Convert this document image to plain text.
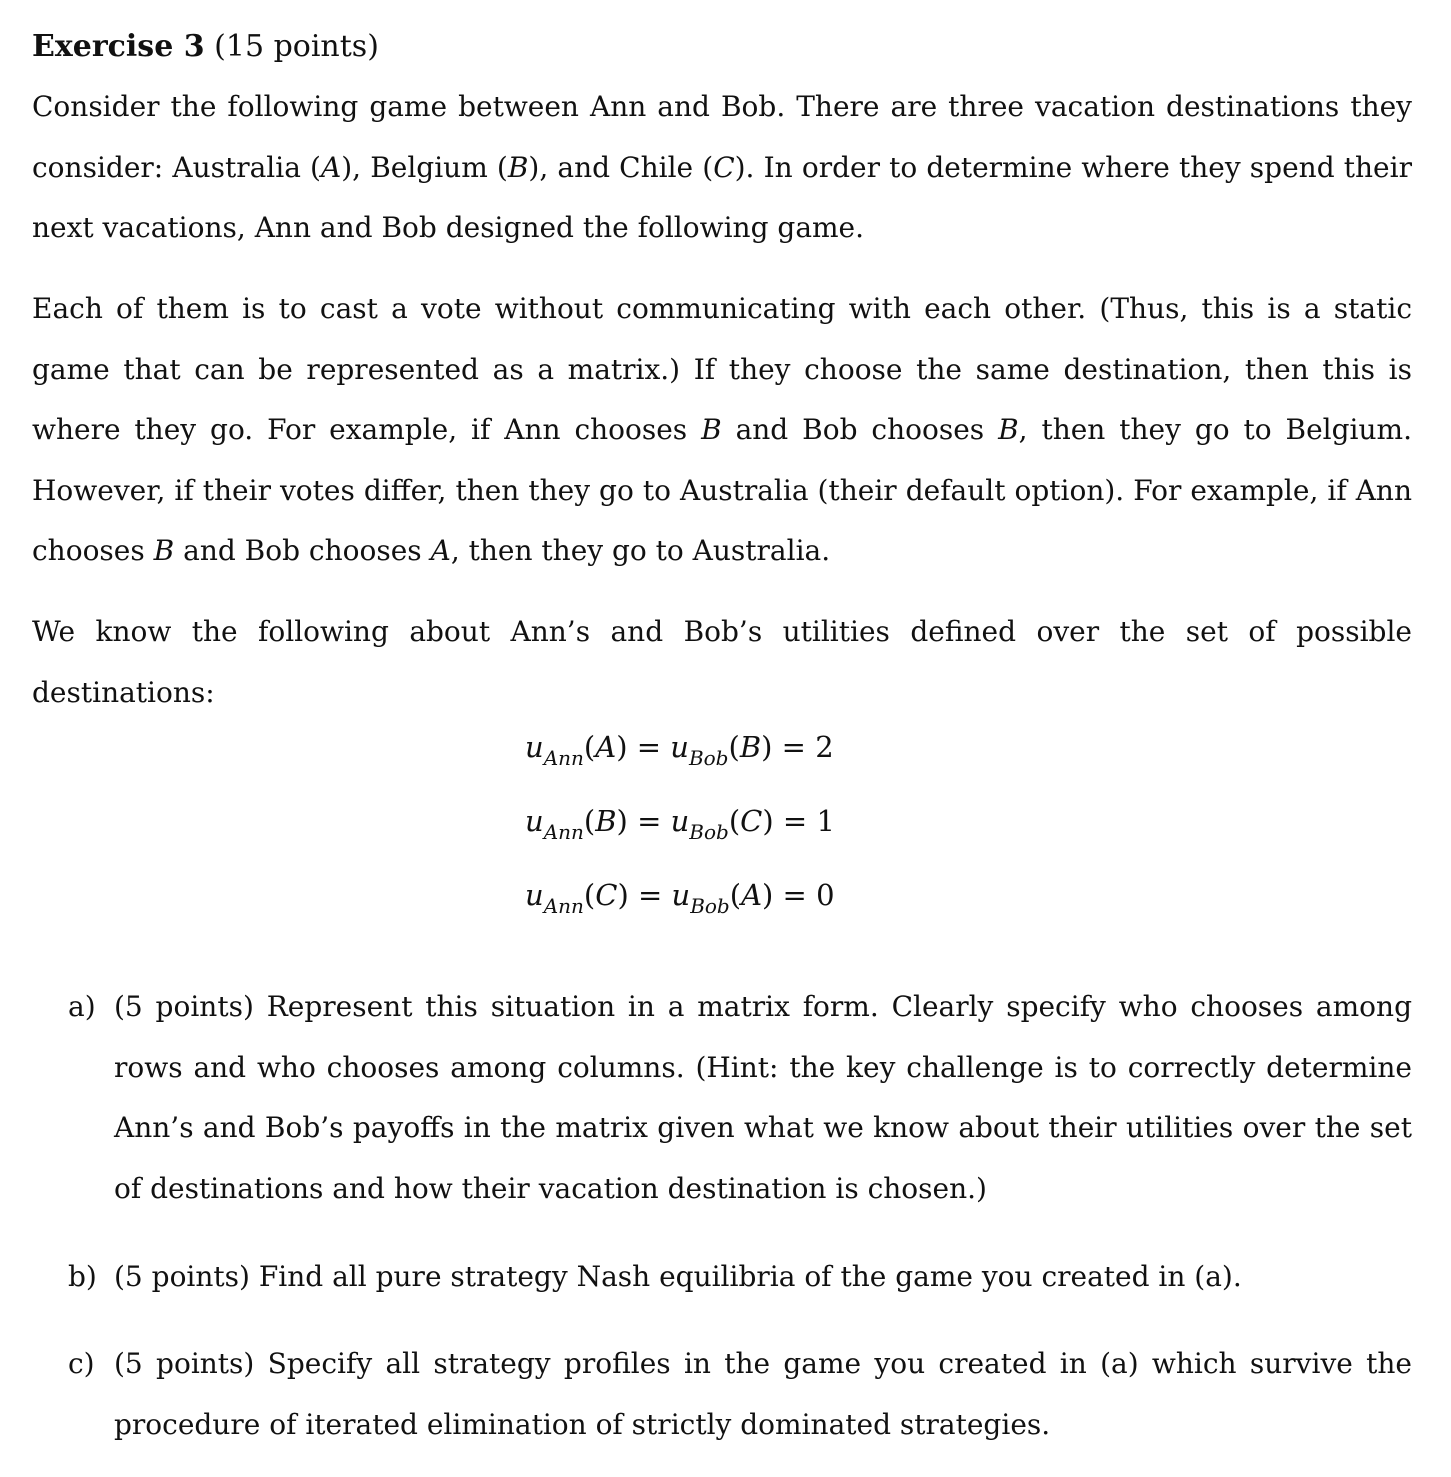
Exercise 3 (15 points)

Consider the following game between Ann and Bob. There are three vacation destinations they consider: Australia (A), Belgium (B), and Chile (C). In order to determine where they spend their next vacations, Ann and Bob designed the following game.

Each of them is to cast a vote without communicating with each other. (Thus, this is a static game that can be represented as a matrix.) If they choose the same destination, then this is where they go. For example, if Ann chooses B and Bob chooses B, then they go to Belgium. However, if their votes differ, then they go to Australia (their default option). For example, if Ann chooses B and Bob chooses A, then they go to Australia.

We know the following about Ann’s and Bob’s utilities defined over the set of possible destinations:

$u_{Ann}(A) = u_{Bob}(B) = 2$
$u_{Ann}(B) = u_{Bob}(C) = 1$
$u_{Ann}(C) = u_{Bob}(A) = 0$
a) (5 points) Represent this situation in a matrix form. Clearly specify who chooses among rows and who chooses among columns. (Hint: the key challenge is to correctly determine Ann’s and Bob’s payoffs in the matrix given what we know about their utilities over the set of destinations and how their vacation destination is chosen.)
b) (5 points) Find all pure strategy Nash equilibria of the game you created in (a).
c) (5 points) Specify all strategy profiles in the game you created in (a) which survive the procedure of iterated elimination of strictly dominated strategies.
